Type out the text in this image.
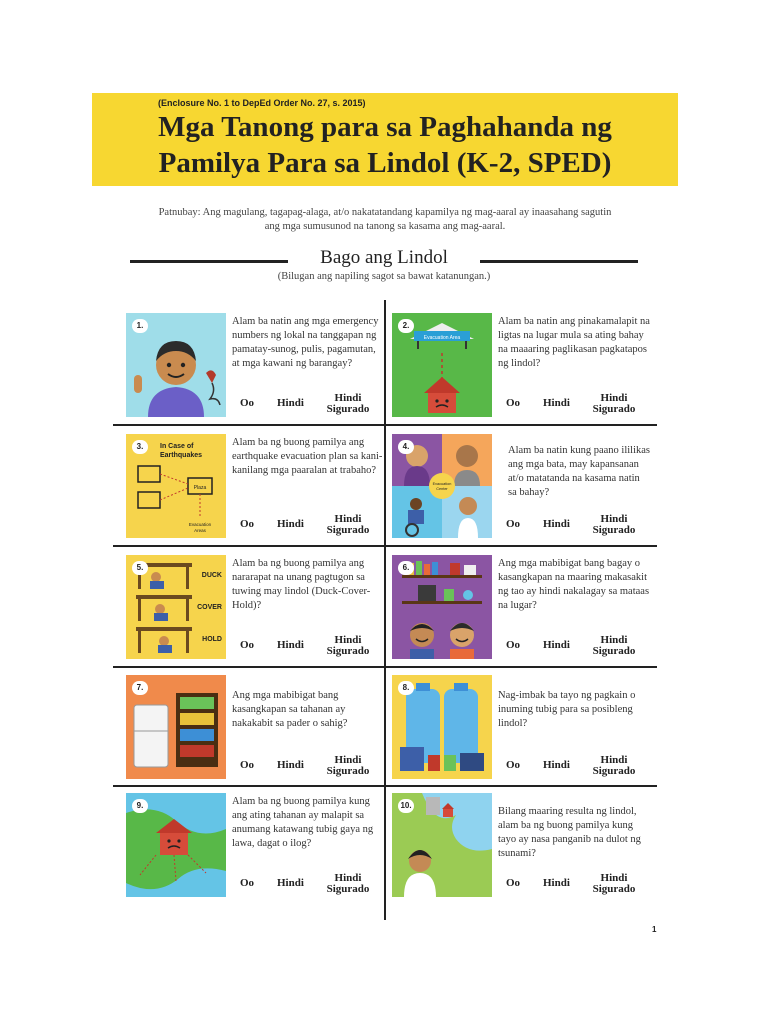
(Enclosure No. 1 to DepEd Order No. 27, s. 2015)
Mga Tanong para sa Paghahanda ng
Pamilya Para sa Lindol (K-2, SPED)
Patnubay: Ang magulang, tagapag-alaga, at/o nakatatandang kapamilya ng mag-aaral ay inaasahang sagutin
ang mga sumusunod na tanong sa kasama ang mag-aaral.
Bago ang Lindol
(Bilugan ang napiling sagot sa bawat katanungan.)
1.	Alam ba natin ang mga emergency numbers ng lokal na tanggapan ng pamatay-sunog, pulis, pagamutan, at mga kawani ng barangay?
Oo Hindi	Hindi
Sigurado
Evacuation Area
2.	Alam ba natin ang pinakamalapit na ligtas na lugar mula sa ating bahay na maaaring paglikasan pagkatapos ng lindol?
Oo Hindi	Hindi
Sigurado
In Case of
Earthquakes
Plaza
Evacuation
Areas
3.	Alam ba ng buong pamilya ang earthquake evacuation plan sa kani-kanilang mga paaralan at trabaho?
Oo Hindi	Hindi
Sigurado
Evacuation
Center
4.	Alam ba natin kung paano ililikas ang mga bata, may kapansanan at/o matatanda na kasama natin sa bahay?
Oo Hindi	Hindi
Sigurado
DUCK
COVER
HOLD
5.	Alam ba ng buong pamilya ang nararapat na unang pagtugon sa tuwing may lindol (Duck-Cover-Hold)?
Oo Hindi	Hindi
Sigurado
6.	Ang mga mabibigat bang bagay o kasangkapan na maaring makasakit ng tao ay hindi nakalagay sa mataas na lugar?
Oo Hindi	Hindi
Sigurado
7.
Ang mga mabibigat bang kasangkapan sa tahanan ay nakakabit sa pader o sahig?
Oo Hindi	Hindi
Sigurado
8.
Nag-imbak ba tayo ng pagkain o inuming tubig para sa posibleng lindol?
Oo Hindi	Hindi
Sigurado
9.	Alam ba ng buong pamilya kung ang ating tahanan ay malapit sa anumang katawang tubig gaya ng lawa, dagat o ilog?
Oo Hindi	Hindi
Sigurado
10.
Bilang maaring resulta ng lindol, alam ba ng buong pamilya kung tayo ay nasa panganib na dulot ng tsunami?
Oo Hindi	Hindi
Sigurado
1
